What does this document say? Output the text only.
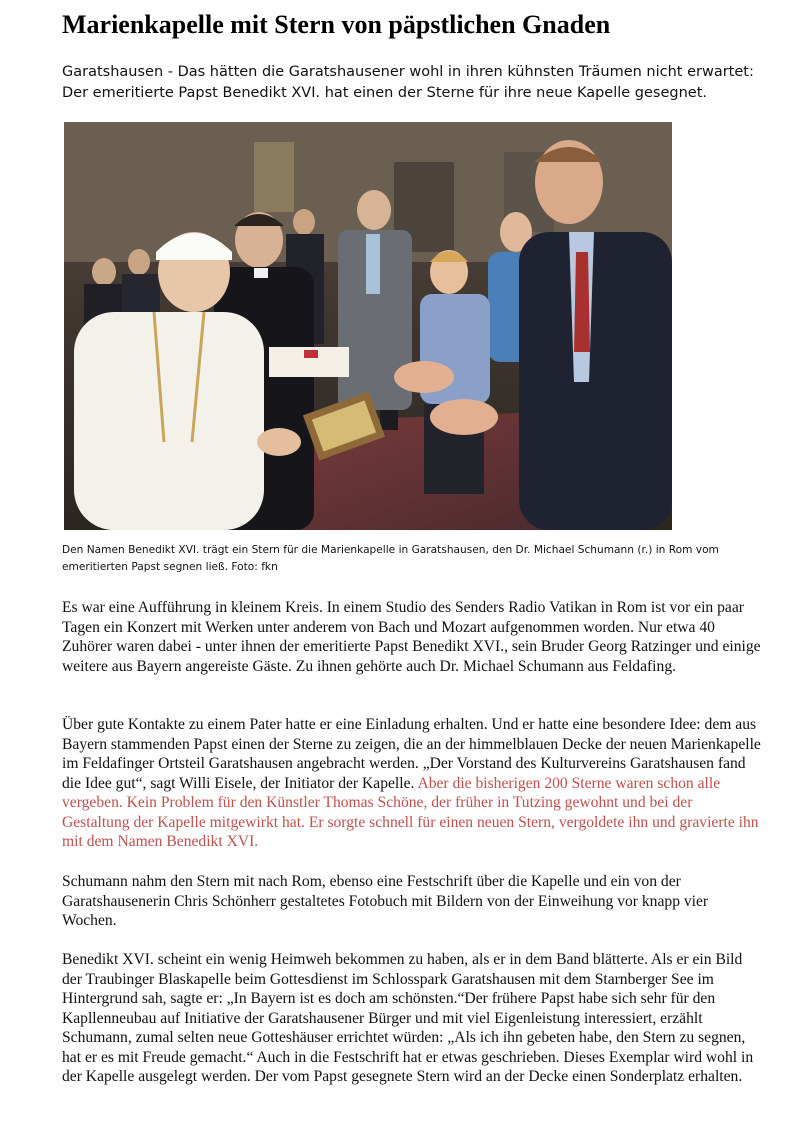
Marienkapelle mit Stern von päpstlichen Gnaden

Garatshausen - Das hätten die Garatshausener wohl in ihren kühnsten Träumen nicht erwartet: Der emeritierte Papst Benedikt XVI. hat einen der Sterne für ihre neue Kapelle gesegnet.

Den Namen Benedikt XVI. trägt ein Stern für die Marienkapelle in Garatshausen, den Dr. Michael Schumann (r.) in Rom vom emeritierten Papst segnen ließ. Foto: fkn

Es war eine Aufführung in kleinem Kreis. In einem Studio des Senders Radio Vatikan in Rom ist vor ein paar Tagen ein Konzert mit Werken unter anderem von Bach und Mozart aufgenommen worden. Nur etwa 40 Zuhörer waren dabei - unter ihnen der emeritierte Papst Benedikt XVI., sein Bruder Georg Ratzinger und einige weitere aus Bayern angereiste Gäste. Zu ihnen gehörte auch Dr. Michael Schumann aus Feldafing.

Über gute Kontakte zu einem Pater hatte er eine Einladung erhalten. Und er hatte eine besondere Idee: dem aus Bayern stammenden Papst einen der Sterne zu zeigen, die an der himmelblauen Decke der neuen Marienkapelle im Feldafinger Ortsteil Garatshausen angebracht werden. „Der Vorstand des Kulturvereins Garatshausen fand die Idee gut“, sagt Willi Eisele, der Initiator der Kapelle. Aber die bisherigen 200 Sterne waren schon alle vergeben. Kein Problem für den Künstler Thomas Schöne, der früher in Tutzing gewohnt und bei der Gestaltung der Kapelle mitgewirkt hat. Er sorgte schnell für einen neuen Stern, vergoldete ihn und gravierte ihn mit dem Namen Benedikt XVI.

Schumann nahm den Stern mit nach Rom, ebenso eine Festschrift über die Kapelle und ein von der Garatshausenerin Chris Schönherr gestaltetes Fotobuch mit Bildern von der Einweihung vor knapp vier Wochen.

Benedikt XVI. scheint ein wenig Heimweh bekommen zu haben, als er in dem Band blätterte. Als er ein Bild der Traubinger Blaskapelle beim Gottesdienst im Schlosspark Garatshausen mit dem Starnberger See im Hintergrund sah, sagte er: „In Bayern ist es doch am schönsten.“Der frühere Papst habe sich sehr für den Kapllenneubau auf Initiative der Garatshausener Bürger und mit viel Eigenleistung interessiert, erzählt Schumann, zumal selten neue Gotteshäuser errichtet würden: „Als ich ihn gebeten habe, den Stern zu segnen, hat er es mit Freude gemacht.“ Auch in die Festschrift hat er etwas geschrieben. Dieses Exemplar wird wohl in der Kapelle ausgelegt werden. Der vom Papst gesegnete Stern wird an der Decke einen Sonderplatz erhalten.
